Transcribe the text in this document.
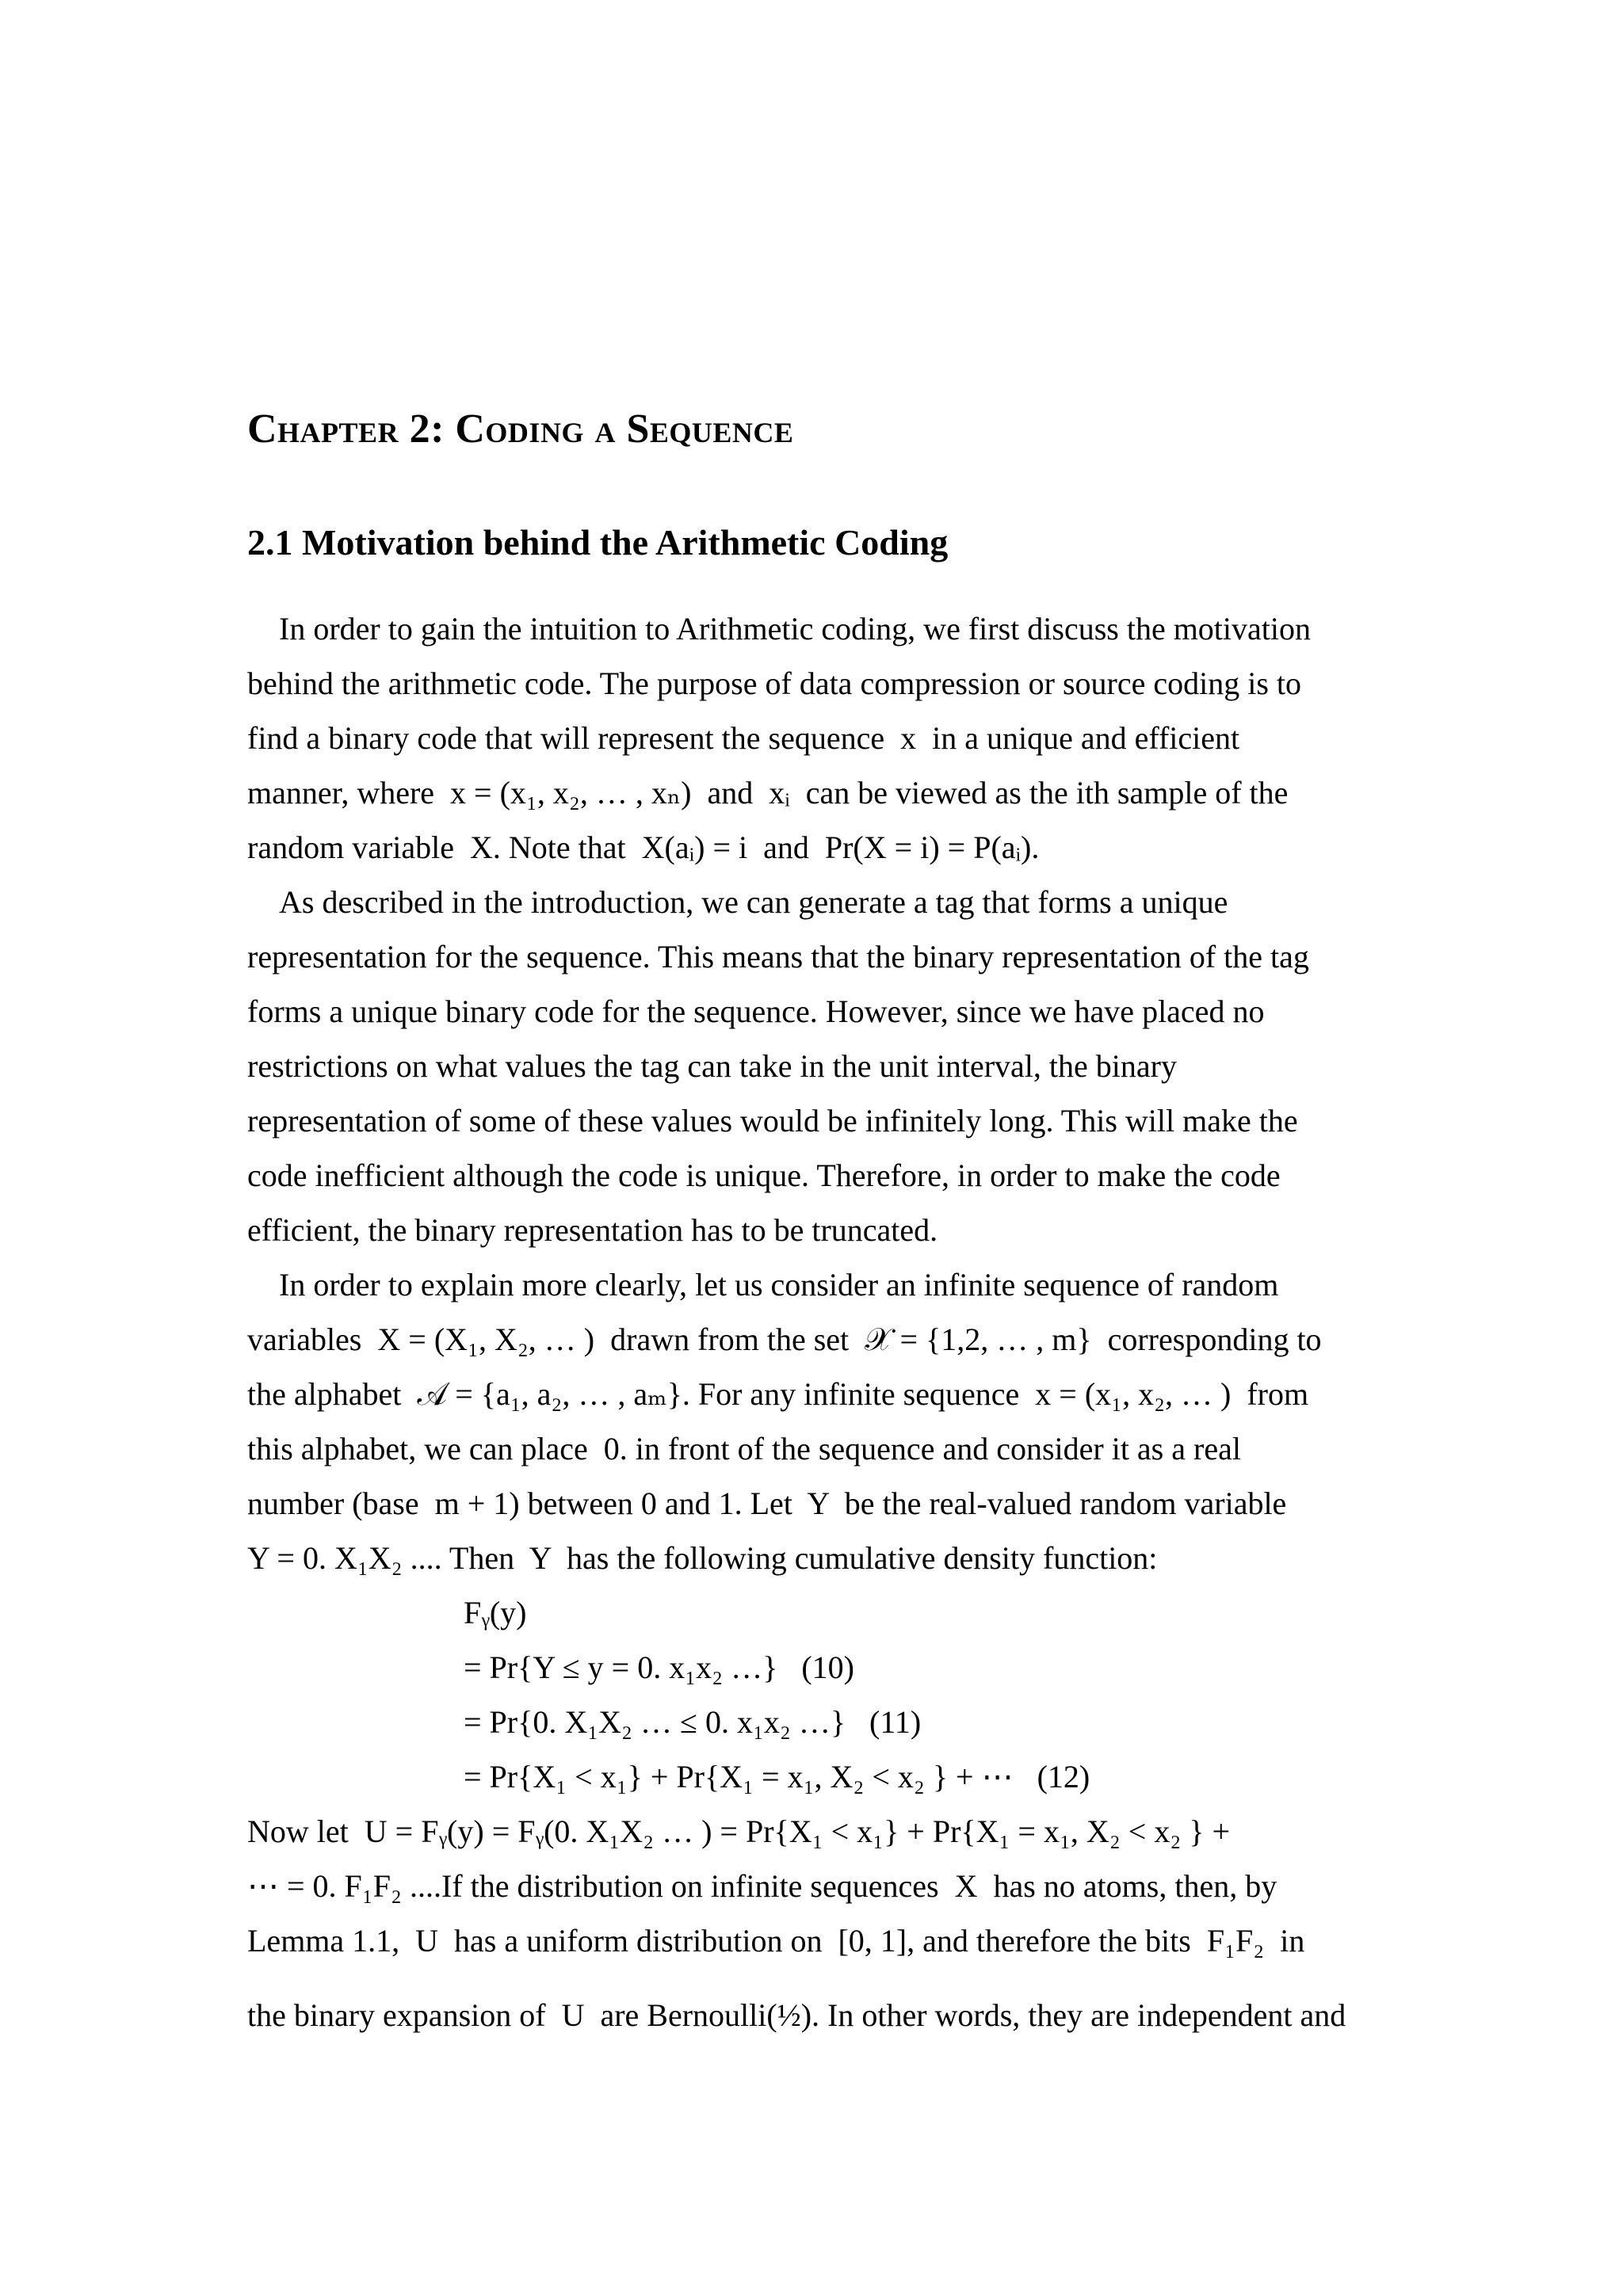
Chapter 2: Coding a Sequence
2.1 Motivation behind the Arithmetic Coding
In order to gain the intuition to Arithmetic coding, we first discuss the motivation
behind the arithmetic code. The purpose of data compression or source coding is to
find a binary code that will represent the sequence  x  in a unique and efficient
manner, where  x = (x₁, x₂, … , xₙ)  and  xᵢ  can be viewed as the ith sample of the
random variable  X. Note that  X(aᵢ) = i  and  Pr(X = i) = P(aᵢ).
As described in the introduction, we can generate a tag that forms a unique
representation for the sequence. This means that the binary representation of the tag
forms a unique binary code for the sequence. However, since we have placed no
restrictions on what values the tag can take in the unit interval, the binary
representation of some of these values would be infinitely long. This will make the
code inefficient although the code is unique. Therefore, in order to make the code
efficient, the binary representation has to be truncated.
In order to explain more clearly, let us consider an infinite sequence of random
variables  X = (X₁, X₂, … )  drawn from the set  𝒳 = {1,2, … , m}  corresponding to
the alphabet  𝒜 = {a₁, a₂, … , aₘ}. For any infinite sequence  x = (x₁, x₂, … )  from
this alphabet, we can place  0. in front of the sequence and consider it as a real
number (base  m + 1) between 0 and 1. Let  Y  be the real-valued random variable
Y = 0. X₁X₂ .... Then  Y  has the following cumulative density function:
Fᵧ(y)
= Pr{Y ≤ y = 0. x₁x₂ …}   (10)
= Pr{0. X₁X₂ … ≤ 0. x₁x₂ …}   (11)
= Pr{X₁ < x₁} + Pr{X₁ = x₁, X₂ < x₂ } + ⋯   (12)
Now let  U = Fᵧ(y) = Fᵧ(0. X₁X₂ … ) = Pr{X₁ < x₁} + Pr{X₁ = x₁, X₂ < x₂ } +
⋯ = 0. F₁F₂ ....If the distribution on infinite sequences  X  has no atoms, then, by
Lemma 1.1,  U  has a uniform distribution on  [0, 1], and therefore the bits  F₁F₂  in
the binary expansion of  U  are Bernoulli(½). In other words, they are independent and
